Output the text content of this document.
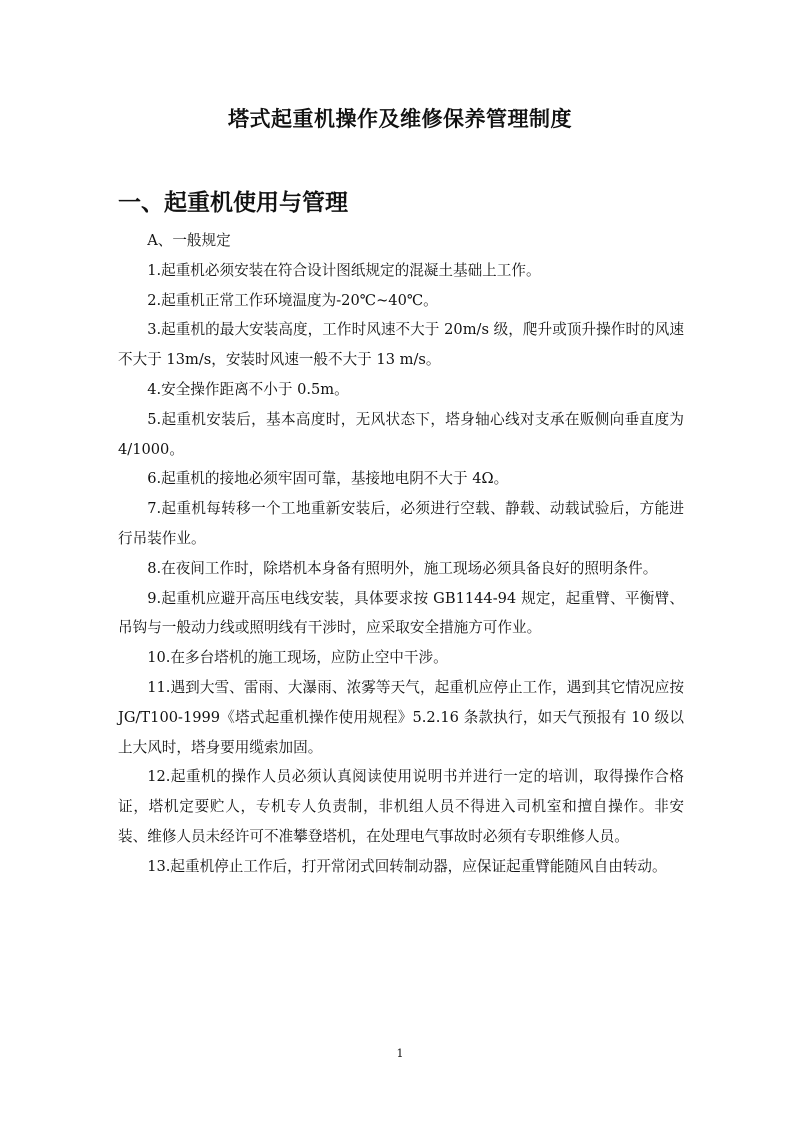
塔式起重机操作及维修保养管理制度
一、起重机使用与管理

A、一般规定

1.起重机必须安装在符合设计图纸规定的混凝土基础上工作。

2.起重机正常工作环境温度为-20℃~40℃。

3.起重机的最大安装高度，工作时风速不大于 20m/s 级，爬升或顶升操作时的风速不大于 13m/s，安装时风速一般不大于 13 m/s。

4.安全操作距离不小于 0.5m。

5.起重机安装后，基本高度时，无风状态下，塔身轴心线对支承在贩侧向垂直度为 4/1000。

6.起重机的接地必须牢固可靠，基接地电阴不大于 4Ω。

7.起重机每转移一个工地重新安装后，必须进行空载、静载、动载试验后，方能进行吊装作业。

8.在夜间工作时，除塔机本身备有照明外，施工现场必须具备良好的照明条件。

9.起重机应避开高压电线安装，具体要求按 GB1144-94 规定，起重臂、平衡臂、吊钩与一般动力线或照明线有干涉时，应采取安全措施方可作业。

10.在多台塔机的施工现场，应防止空中干涉。

11.遇到大雪、雷雨、大瀑雨、浓雾等天气，起重机应停止工作，遇到其它情况应按 JG/T100-1999《塔式起重机操作使用规程》5.2.16 条款执行，如天气预报有 10 级以上大风时，塔身要用缆索加固。

12.起重机的操作人员必须认真阅读使用说明书并进行一定的培训，取得操作合格证，塔机定要贮人，专机专人负责制，非机组人员不得进入司机室和擅自操作。非安装、维修人员未经许可不准攀登塔机，在处理电气事故时必须有专职维修人员。

13.起重机停止工作后，打开常闭式回转制动器，应保证起重臂能随风自由转动。

1
